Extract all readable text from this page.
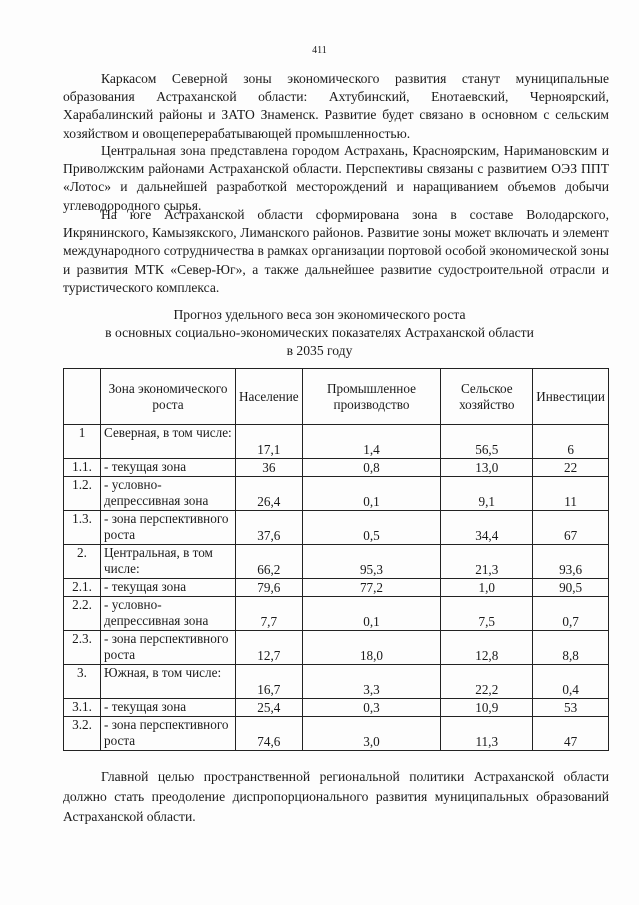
411

Каркасом Северной зоны экономического развития станут муниципальные образования Астраханской области: Ахтубинский, Енотаевский, Черноярский, Харабалинский районы и ЗАТО Знаменск. Развитие будет связано в основном с сельским хозяйством и овощеперерабатывающей промышленностью.

Центральная зона представлена городом Астрахань, Красноярским, Наримановским и Приволжским районами Астраханской области. Перспективы связаны с развитием ОЭЗ ППТ «Лотос» и дальнейшей разработкой месторождений и наращиванием объемов добычи углеводородного сырья.

На юге Астраханской области сформирована зона в составе Володарского, Икрянинского, Камызякского, Лиманского районов. Развитие зоны может включать и элемент международного сотрудничества в рамках организации портовой особой экономической зоны и развития МТК «Север-Юг», а также дальнейшее развитие судостроительной отрасли и туристического комплекса.

Прогноз удельного веса зон экономического роста
в основных социально-экономических показателях Астраханской области
в 2035 году
	Зона экономического роста	Население	Промышленное производство	Сельское хозяйство	Инвестиции
1	Северная, в том числе:	17,1	1,4	56,5	6
1.1.	- текущая зона	36	0,8	13,0	22
1.2.	- условно-депрессивная зона	26,4	0,1	9,1	11
1.3.	- зона перспективного роста	37,6	0,5	34,4	67
2.	Центральная, в том числе:	66,2	95,3	21,3	93,6
2.1.	- текущая зона	79,6	77,2	1,0	90,5
2.2.	- условно-депрессивная зона	7,7	0,1	7,5	0,7
2.3.	- зона перспективного роста	12,7	18,0	12,8	8,8
3.	Южная, в том числе:	16,7	3,3	22,2	0,4
3.1.	- текущая зона	25,4	0,3	10,9	53
3.2.	- зона перспективного роста	74,6	3,0	11,3	47

Главной целью пространственной региональной политики Астраханской области должно стать преодоление диспропорционального развития муниципальных образований Астраханской области.
